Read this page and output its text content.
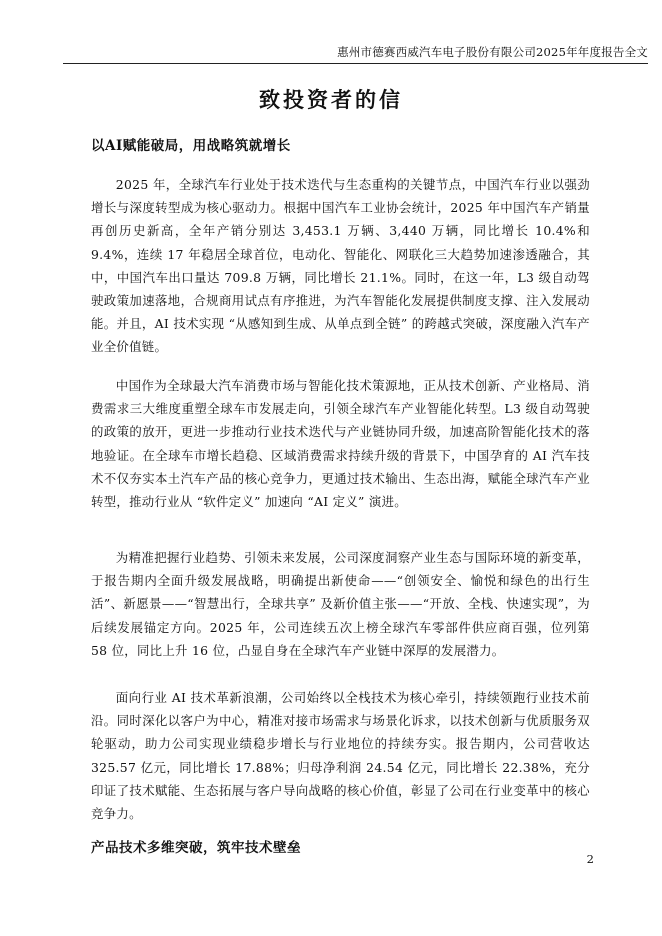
惠州市德赛西威汽车电子股份有限公司2025年年度报告全文
致投资者的信
以AI赋能破局，用战略筑就增长
2025 年，全球汽车行业处于技术迭代与生态重构的关键节点，中国汽车行业以强劲增长与深度转型成为核心驱动力。根据中国汽车工业协会统计，2025 年中国汽车产销量再创历史新高，全年产销分别达 3,453.1 万辆、3,440 万辆，同比增长 10.4%和 9.4%，连续 17 年稳居全球首位，电动化、智能化、网联化三大趋势加速渗透融合，其中，中国汽车出口量达 709.8 万辆，同比增长 21.1%。同时，在这一年，L3 级自动驾驶政策加速落地，合规商用试点有序推进，为汽车智能化发展提供制度支撑、注入发展动能。并且，AI 技术实现 “从感知到生成、从单点到全链” 的跨越式突破，深度融入汽车产业全价值链。
中国作为全球最大汽车消费市场与智能化技术策源地，正从技术创新、产业格局、消费需求三大维度重塑全球车市发展走向，引领全球汽车产业智能化转型。L3 级自动驾驶的政策的放开，更进一步推动行业技术迭代与产业链协同升级，加速高阶智能化技术的落地验证。在全球车市增长趋稳、区域消费需求持续升级的背景下，中国孕育的 AI 汽车技术不仅夯实本土汽车产品的核心竞争力，更通过技术输出、生态出海，赋能全球汽车产业转型，推动行业从 “软件定义” 加速向 “AI 定义” 演进。
为精准把握行业趋势、引领未来发展，公司深度洞察产业生态与国际环境的新变革，于报告期内全面升级发展战略，明确提出新使命——“创领安全、愉悦和绿色的出行生活”、新愿景——“智慧出行，全球共享” 及新价值主张——“开放、全栈、快速实现”，为后续发展锚定方向。2025 年，公司连续五次上榜全球汽车零部件供应商百强，位列第 58 位，同比上升 16 位，凸显自身在全球汽车产业链中深厚的发展潜力。
面向行业 AI 技术革新浪潮，公司始终以全栈技术为核心牵引，持续领跑行业技术前沿。同时深化以客户为中心，精准对接市场需求与场景化诉求，以技术创新与优质服务双轮驱动，助力公司实现业绩稳步增长与行业地位的持续夯实。报告期内，公司营收达 325.57 亿元，同比增长 17.88%；归母净利润 24.54 亿元，同比增长 22.38%，充分印证了技术赋能、生态拓展与客户导向战略的核心价值，彰显了公司在行业变革中的核心竞争力。
产品技术多维突破，筑牢技术壁垒
2
